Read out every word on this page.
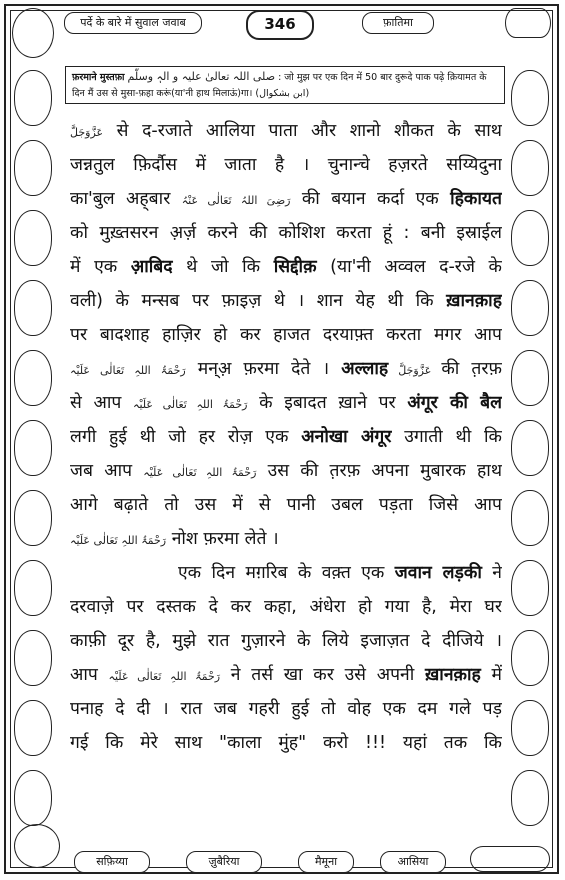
पर्दे के बारे में सुवाल जवाब	346	फ़ातिमा
फ़रमाने मुस्तफ़ा صلی اللہ تعالیٰ علیہ و الہٖ وسلّم : जो मुझ पर एक दिन में 50 बार दुरूदे पाक पढ़े क़ियामत के दिन मैं उस से मुसा-फ़हा करूं(या'नी हाथ मिलाऊं)गा। (ابن بشکوال)
عَزَّوَجَلَّ से द-रजाते आलिया पाता और शानो शौकत के साथ
जन्नतुल फ़िर्दौस में जाता है । चुनान्चे हज़रते सय्यिदुना
का'बुल अह्‌बार رَضِیَ اللہُ تَعَالٰی عَنْہُ की बयान कर्दा एक हिकायत
को मुख़्तसरन अ़र्ज़ करने की कोशिश करता हूं : बनी इस्राईल
में एक आ़बिद थे जो कि सिद्दीक़ (या'नी अव्वल द-रजे के
वली) के मन्सब पर फ़ाइज़ थे । शान येह थी कि ख़ानक़ाह
पर बादशाह हाज़िर हो कर हाजत दरयाफ़्त करता मगर आप
رَحْمَۃُ اللہِ تَعَالٰی عَلَیْہ मन्अ़ फ़रमा देते । अल्लाह عَزَّوَجَلَّ की त़रफ़
से आप رَحْمَۃُ اللہِ تَعَالٰی عَلَیْہ के इबादत ख़ाने पर अंगूर की बैल
लगी हुई थी जो हर रोज़ एक अनोखा अंगूर उगाती थी कि
जब आप رَحْمَۃُ اللہِ تَعَالٰی عَلَیْہ उस की त़रफ़ अपना मुबारक हाथ
आगे बढ़ाते तो उस में से पानी उबल पड़ता जिसे आप
رَحْمَۃُ اللہِ تَعَالٰی عَلَیْہ नोश फ़रमा लेते ।
एक दिन मग़रिब के वक़्त एक जवान लड़की ने
दरवाज़े पर दस्तक दे कर कहा, अंधेरा हो गया है, मेरा घर
काफ़ी दूर है, मुझे रात गुज़ारने के लिये इजाज़त दे दीजिये ।
आप رَحْمَۃُ اللہِ تَعَالٰی عَلَیْہ ने तर्स खा कर उसे अपनी ख़ानक़ाह में
पनाह दे दी । रात जब गहरी हुई तो वोह एक दम गले पड़
गई कि मेरे साथ "काला मुंह" करो !!! यहां तक कि
सफ़िय्या	जु़बैरिया	मैमूना	आसिया
